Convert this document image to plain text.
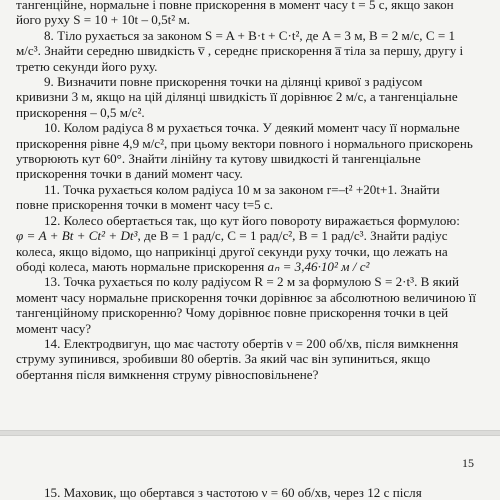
тангенційне, нормальне і повне прискорення в момент часу t = 5 c, якщо закон

його руху S = 10 + 10t – 0,5t² м.

8. Тіло рухається за законом S = A + B·t + C·t², де A = 3 м, B = 2 м/с, C = 1

м/с³. Знайти середню швидкість v̅ , середнє прискорення a̅ тіла за першу, другу і

третю секунди його руху.

9. Визначити повне прискорення точки на ділянці кривої з радіусом

кривизни 3 м, якщо на цій ділянці швидкість її дорівнює 2 м/с, а тангенціальне

прискорення – 0,5 м/с².

10. Колом радіуса 8 м рухається точка. У деякий момент часу її нормальне

прискорення рівне 4,9 м/с², при цьому вектори повного і нормального прискорень

утворюють кут 60°. Знайти лінійну та кутову швидкості й тангенціальне

прискорення точки в даний момент часу.

11. Точка рухається колом радіуса 10 м за законом r=–t² +20t+1. Знайти

повне прискорення точки в момент часу t=5 с.

12. Колесо обертається так, що кут його повороту виражається формулою:

φ = A + Bt + Ct² + Dt³, де B = 1 рад/с, C = 1 рад/с², B = 1 рад/с³. Знайти радіус

колеса, якщо відомо, що наприкінці другої секунди руху точки, що лежать на

ободі колеса, мають нормальне прискорення aₙ = 3,46·10² м / с²

13. Точка рухається по колу радіусом R = 2 м за формулою S = 2·t³. В який

момент часу нормальне прискорення точки дорівнює за абсолютною величиною її

тангенційному прискоренню? Чому дорівнює повне прискорення точки в цей

момент часу?

14. Електродвигун, що має частоту обертів ν = 200 об/хв, після вимкнення

струму зупинився, зробивши 80 обертів. За який час він зупиниться, якщо

обертання після вимкнення струму рівносповільнене?

15
15. Маховик, що обертався з частотою ν = 60 об/хв, через 12 с після
